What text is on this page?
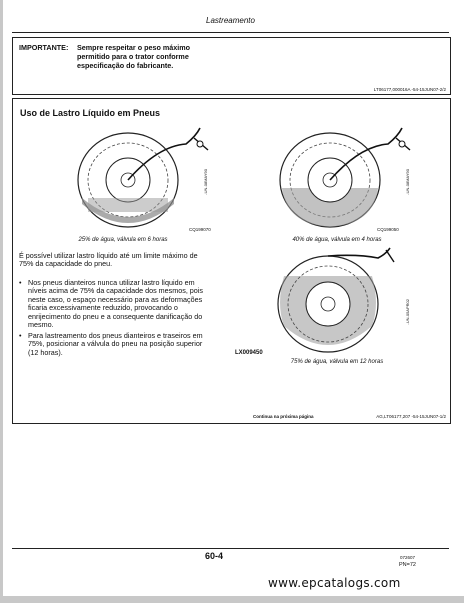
Lastreamento
IMPORTANTE: Sempre respeitar o peso máximo
permitido para o trator conforme
especificação do fabricante.
LT06177,000016A -54-15JUN07-2/2
Uso de Lastro Líquido em Pneus
-UN-08MAY90
CQ199070
25% de água, válvula em 6 horas
-UN-08MAY90
CQ199050
40% de água, válvula em 4 horas
-UN-05APR02
LX009450
75% de água, válvula em 12 horas
É possível utilizar lastro líquido até um limite máximo de
75% da capacidade do pneu.
• Nos pneus dianteiros nunca utilizar lastro líquido em
níveis acima de 75% da capacidade dos mesmos, pois
neste caso, o espaço necessário para as deformações
ficaria excessivamente reduzido, provocando o
enrijecimento do pneu e a consequente danificação do
mesmo.
• Para lastreamento dos pneus dianteiros e traseiros em
75%, posicionar a válvula do pneu na posição superior
(12 horas).
Continua na próxima página	AG,LT06177,207 -54-15JUN07-1/2
60-4	072607
PN=72
www.epcatalogs.com
